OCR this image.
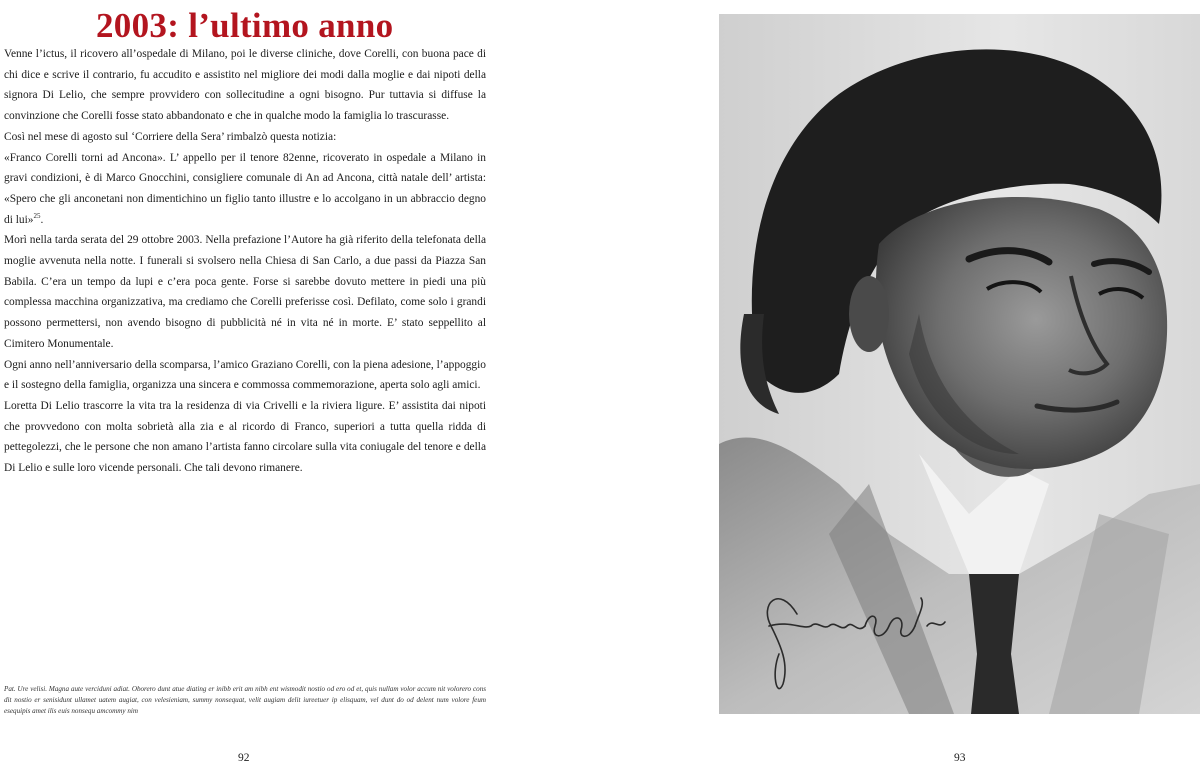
2003: l’ultimo anno

Venne l’ictus, il ricovero all’ospedale di Milano, poi le diverse cliniche, dove Corelli, con buona pace di chi dice e scrive il contrario, fu accudito e assistito nel migliore dei modi dalla moglie e dai nipoti della signora Di Lelio, che sempre provvidero con sollecitudine a ogni bisogno. Pur tuttavia si diffuse la convinzione che Corelli fosse stato abbandonato e che in qualche modo la famiglia lo trascurasse.

Così nel mese di agosto sul ‘Corriere della Sera’ rimbalzò questa notizia:

«Franco Corelli torni ad Ancona». L’ appello per il tenore 82enne, ricoverato in ospedale a Milano in gravi condizioni, è di Marco Gnocchini, consigliere comunale di An ad Ancona, città natale dell’ artista: «Spero che gli anconetani non dimentichino un figlio tanto illustre e lo accolgano in un abbraccio degno di lui»$^{25}$.

Morì nella tarda serata del 29 ottobre 2003. Nella prefazione l’Autore ha già riferito della telefonata della moglie avvenuta nella notte. I funerali si svolsero nella Chiesa di San Carlo, a due passi da Piazza San Babila. C’era un tempo da lupi e c’era poca gente. Forse si sarebbe dovuto mettere in piedi una più complessa macchina organizzativa, ma crediamo che Corelli preferisse così. Defilato, come solo i grandi possono permettersi, non avendo bisogno di pubblicità né in vita né in morte. E’ stato seppellito al Cimitero Monumentale.

Ogni anno nell’anniversario della scomparsa, l’amico Graziano Corelli, con la piena adesione, l’appoggio e il sostegno della famiglia, organizza una sincera e commossa commemorazione, aperta solo agli amici.

Loretta Di Lelio trascorre la vita tra la residenza di via Crivelli e la riviera ligure. E’ assistita dai nipoti che provvedono con molta sobrietà alla zia e al ricordo di Franco, superiori a tutta quella ridda di pettegolezzi, che le persone che non amano l’artista fanno circolare sulla vita coniugale del tenore e della Di Lelio e sulle loro vicende personali. Che tali devono rimanere.

Pat. Ure velisi. Magna aute verciduni adiat. Oborero dunt atue diating er inibb erit am nibh ent wismodit nostio od ero od et, quis nullam volor accum nit volorero cons dit nostio er senisidunt ullamet uatem augiat, con velesieniam, summy nonsequat, velit augiam delit iureetuer ip elisquam, vel dunt do od delent num volore feum esequipis amet ilis euis nonsequ amcommy nim
92	93
